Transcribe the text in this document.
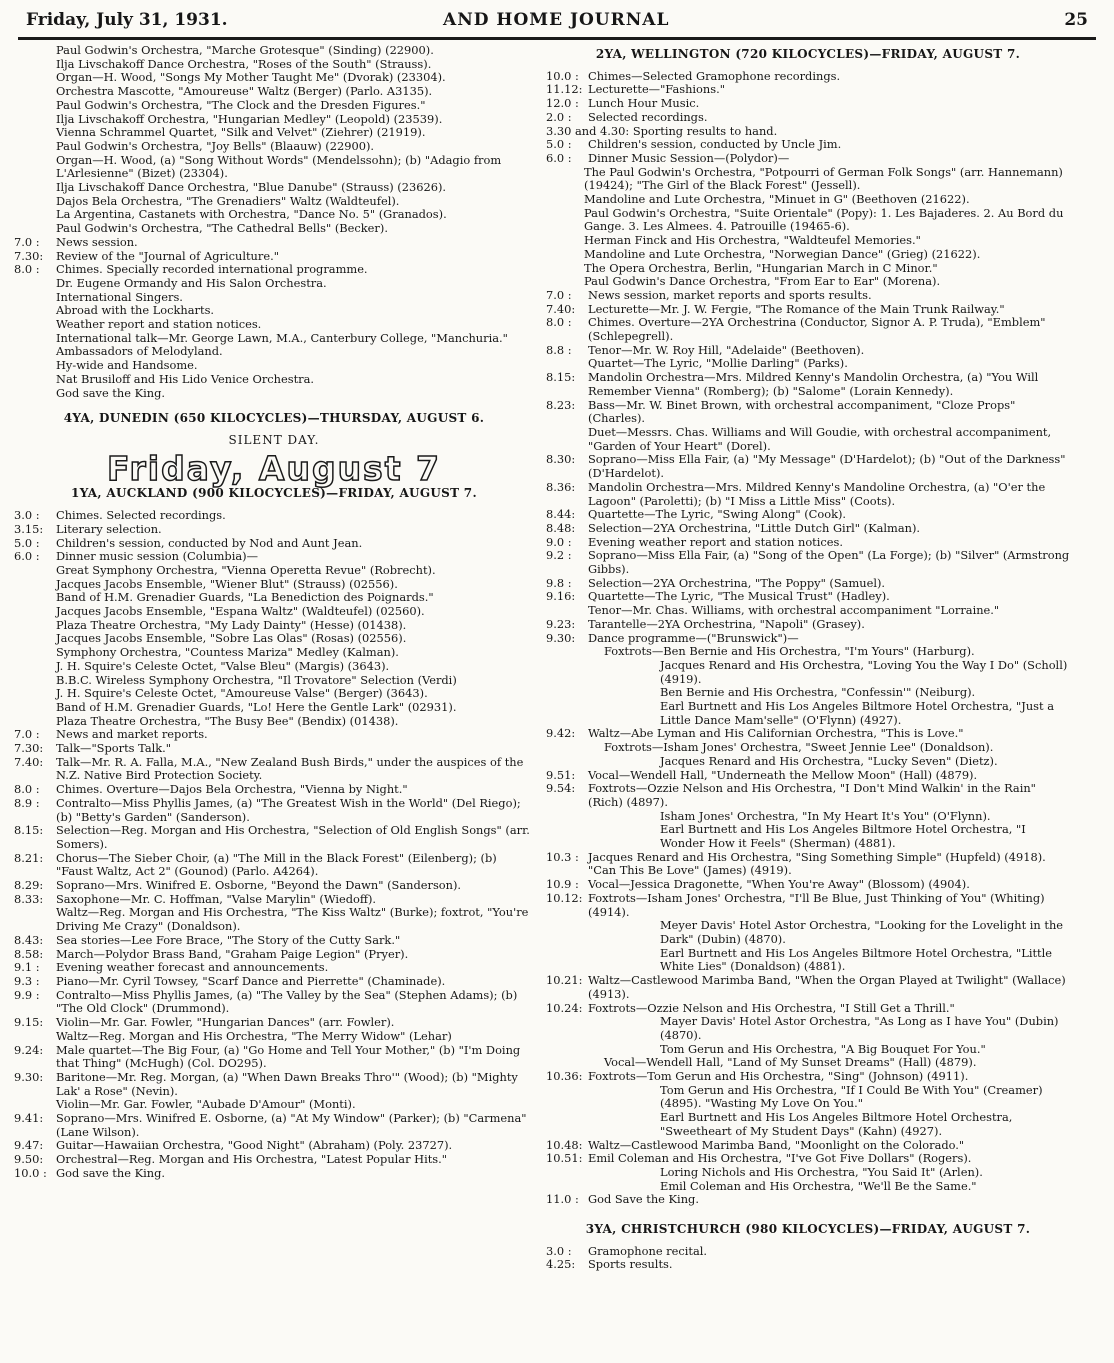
Friday, July 31, 1931.	AND HOME JOURNAL	25

Paul Godwin's Orchestra, "Marche Grotesque" (Sinding) (22900).

Ilja Livschakoff Dance Orchestra, "Roses of the South" (Strauss).

Organ—H. Wood, "Songs My Mother Taught Me" (Dvorak) (23304).

Orchestra Mascotte, "Amoureuse" Waltz (Berger) (Parlo. A3135).

Paul Godwin's Orchestra, "The Clock and the Dresden Figures."

Ilja Livschakoff Orchestra, "Hungarian Medley" (Leopold) (23539).

Vienna Schrammel Quartet, "Silk and Velvet" (Ziehrer) (21919).

Paul Godwin's Orchestra, "Joy Bells" (Blaauw) (22900).

Organ—H. Wood, (a) "Song Without Words" (Mendelssohn); (b) "Adagio from L'Arlesienne" (Bizet) (23304).

Ilja Livschakoff Dance Orchestra, "Blue Danube" (Strauss) (23626).

Dajos Bela Orchestra, "The Grenadiers" Waltz (Waldteufel).

La Argentina, Castanets with Orchestra, "Dance No. 5" (Granados).

Paul Godwin's Orchestra, "The Cathedral Bells" (Becker).

7.0 :	News session.

7.30:	Review of the "Journal of Agriculture."

8.0 :	Chimes. Specially recorded international programme.

Dr. Eugene Ormandy and His Salon Orchestra.

International Singers.

Abroad with the Lockharts.

Weather report and station notices.

International talk—Mr. George Lawn, M.A., Canterbury College, "Manchuria."

Ambassadors of Melodyland.

Hy-wide and Handsome.

Nat Brusiloff and His Lido Venice Orchestra.

God save the King.

4YA, DUNEDIN (650 KILOCYCLES)—THURSDAY, AUGUST 6.
SILENT DAY.
Friday, August 7
1YA, AUCKLAND (900 KILOCYCLES)—FRIDAY, AUGUST 7.

3.0 :	Chimes. Selected recordings.

3.15:	Literary selection.

5.0 :	Children's session, conducted by Nod and Aunt Jean.

6.0 :	Dinner music session (Columbia)—

Great Symphony Orchestra, "Vienna Operetta Revue" (Robrecht).

Jacques Jacobs Ensemble, "Wiener Blut" (Strauss) (02556).

Band of H.M. Grenadier Guards, "La Benediction des Poignards."

Jacques Jacobs Ensemble, "Espana Waltz" (Waldteufel) (02560).

Plaza Theatre Orchestra, "My Lady Dainty" (Hesse) (01438).

Jacques Jacobs Ensemble, "Sobre Las Olas" (Rosas) (02556).

Symphony Orchestra, "Countess Mariza" Medley (Kalman).

J. H. Squire's Celeste Octet, "Valse Bleu" (Margis) (3643).

B.B.C. Wireless Symphony Orchestra, "Il Trovatore" Selection (Verdi)

J. H. Squire's Celeste Octet, "Amoureuse Valse" (Berger) (3643).

Band of H.M. Grenadier Guards, "Lo! Here the Gentle Lark" (02931).

Plaza Theatre Orchestra, "The Busy Bee" (Bendix) (01438).

7.0 :	News and market reports.

7.30:	Talk—"Sports Talk."

7.40:	Talk—Mr. R. A. Falla, M.A., "New Zealand Bush Birds," under the auspices of the N.Z. Native Bird Protection Society.

8.0 :	Chimes. Overture—Dajos Bela Orchestra, "Vienna by Night."

8.9 :	Contralto—Miss Phyllis James, (a) "The Greatest Wish in the World" (Del Riego); (b) "Betty's Garden" (Sanderson).

8.15:	Selection—Reg. Morgan and His Orchestra, "Selection of Old English Songs" (arr. Somers).

8.21:	Chorus—The Sieber Choir, (a) "The Mill in the Black Forest" (Eilenberg); (b) "Faust Waltz, Act 2" (Gounod) (Parlo. A4264).

8.29:	Soprano—Mrs. Winifred E. Osborne, "Beyond the Dawn" (Sanderson).

8.33:	Saxophone—Mr. C. Hoffman, "Valse Marylin" (Wiedoff).

Waltz—Reg. Morgan and His Orchestra, "The Kiss Waltz" (Burke); foxtrot, "You're Driving Me Crazy" (Donaldson).

8.43:	Sea stories—Lee Fore Brace, "The Story of the Cutty Sark."

8.58:	March—Polydor Brass Band, "Graham Paige Legion" (Pryer).

9.1 :	Evening weather forecast and announcements.

9.3 :	Piano—Mr. Cyril Towsey, "Scarf Dance and Pierrette" (Chaminade).

9.9 :	Contralto—Miss Phyllis James, (a) "The Valley by the Sea" (Stephen Adams); (b) "The Old Clock" (Drummond).

9.15:	Violin—Mr. Gar. Fowler, "Hungarian Dances" (arr. Fowler).

Waltz—Reg. Morgan and His Orchestra, "The Merry Widow" (Lehar)

9.24:	Male quartet—The Big Four, (a) "Go Home and Tell Your Mother," (b) "I'm Doing that Thing" (McHugh) (Col. DO295).

9.30:	Baritone—Mr. Reg. Morgan, (a) "When Dawn Breaks Thro'" (Wood); (b) "Mighty Lak' a Rose" (Nevin).

Violin—Mr. Gar. Fowler, "Aubade D'Amour" (Monti).

9.41:	Soprano—Mrs. Winifred E. Osborne, (a) "At My Window" (Parker); (b) "Carmena" (Lane Wilson).

9.47:	Guitar—Hawaiian Orchestra, "Good Night" (Abraham) (Poly. 23727).

9.50:	Orchestral—Reg. Morgan and His Orchestra, "Latest Popular Hits."

10.0 : God save the King.

2YA, WELLINGTON (720 KILOCYCLES)—FRIDAY, AUGUST 7.

10.0 : Chimes—Selected Gramophone recordings.

11.12: Lecturette—"Fashions."

12.0 : Lunch Hour Music.

2.0 :	Selected recordings.

3.30 and 4.30: Sporting results to hand.

5.0 :	Children's session, conducted by Uncle Jim.

6.0 :	Dinner Music Session—(Polydor)—

The Paul Godwin's Orchestra, "Potpourri of German Folk Songs" (arr. Hannemann) (19424); "The Girl of the Black Forest" (Jessell).

Mandoline and Lute Orchestra, "Minuet in G" (Beethoven (21622).

Paul Godwin's Orchestra, "Suite Orientale" (Popy): 1. Les Bajaderes. 2. Au Bord du Gange. 3. Les Almees. 4. Patrouille (19465-6).

Herman Finck and His Orchestra, "Waldteufel Memories."

Mandoline and Lute Orchestra, "Norwegian Dance" (Grieg) (21622).

The Opera Orchestra, Berlin, "Hungarian March in C Minor."

Paul Godwin's Dance Orchestra, "From Ear to Ear" (Morena).

7.0 :	News session, market reports and sports results.

7.40:	Lecturette—Mr. J. W. Fergie, "The Romance of the Main Trunk Railway."

8.0 :	Chimes. Overture—2YA Orchestrina (Conductor, Signor A. P. Truda), "Emblem" (Schlepegrell).

8.8 :	Tenor—Mr. W. Roy Hill, "Adelaide" (Beethoven).

Quartet—The Lyric, "Mollie Darling" (Parks).

8.15:	Mandolin Orchestra—Mrs. Mildred Kenny's Mandolin Orchestra, (a) "You Will Remember Vienna" (Romberg); (b) "Salome" (Lorain Kennedy).

8.23:	Bass—Mr. W. Binet Brown, with orchestral accompaniment, "Cloze Props" (Charles).

Duet—Messrs. Chas. Williams and Will Goudie, with orchestral accompaniment, "Garden of Your Heart" (Dorel).

8.30:	Soprano—Miss Ella Fair, (a) "My Message" (D'Hardelot); (b) "Out of the Darkness" (D'Hardelot).

8.36:	Mandolin Orchestra—Mrs. Mildred Kenny's Mandoline Orchestra, (a) "O'er the Lagoon" (Paroletti); (b) "I Miss a Little Miss" (Coots).

8.44:	Quartette—The Lyric, "Swing Along" (Cook).

8.48:	Selection—2YA Orchestrina, "Little Dutch Girl" (Kalman).

9.0 :	Evening weather report and station notices.

9.2 :	Soprano—Miss Ella Fair, (a) "Song of the Open" (La Forge); (b) "Silver" (Armstrong Gibbs).

9.8 :	Selection—2YA Orchestrina, "The Poppy" (Samuel).

9.16:	Quartette—The Lyric, "The Musical Trust" (Hadley).

Tenor—Mr. Chas. Williams, with orchestral accompaniment "Lorraine."

9.23:	Tarantelle—2YA Orchestrina, "Napoli" (Grasey).

9.30:	Dance programme—("Brunswick")—

Foxtrots—Ben Bernie and His Orchestra, "I'm Yours" (Harburg).

Jacques Renard and His Orchestra, "Loving You the Way I Do" (Scholl) (4919).

Ben Bernie and His Orchestra, "Confessin'" (Neiburg).

Earl Burtnett and His Los Angeles Biltmore Hotel Orchestra, "Just a Little Dance Mam'selle" (O'Flynn) (4927).

9.42:	Waltz—Abe Lyman and His Californian Orchestra, "This is Love."

Foxtrots—Isham Jones' Orchestra, "Sweet Jennie Lee" (Donaldson).

Jacques Renard and His Orchestra, "Lucky Seven" (Dietz).

9.51:	Vocal—Wendell Hall, "Underneath the Mellow Moon" (Hall) (4879).

9.54:	Foxtrots—Ozzie Nelson and His Orchestra, "I Don't Mind Walkin' in the Rain" (Rich) (4897).

Isham Jones' Orchestra, "In My Heart It's You" (O'Flynn).

Earl Burtnett and His Los Angeles Biltmore Hotel Orchestra, "I Wonder How it Feels" (Sherman) (4881).

10.3 : Jacques Renard and His Orchestra, "Sing Something Simple" (Hupfeld) (4918). "Can This Be Love" (James) (4919).

10.9 : Vocal—Jessica Dragonette, "When You're Away" (Blossom) (4904).

10.12: Foxtrots—Isham Jones' Orchestra, "I'll Be Blue, Just Thinking of You" (Whiting) (4914).

Meyer Davis' Hotel Astor Orchestra, "Looking for the Lovelight in the Dark" (Dubin) (4870).

Earl Burtnett and His Los Angeles Biltmore Hotel Orchestra, "Little White Lies" (Donaldson) (4881).

10.21: Waltz—Castlewood Marimba Band, "When the Organ Played at Twilight" (Wallace) (4913).

10.24: Foxtrots—Ozzie Nelson and His Orchestra, "I Still Get a Thrill."

Mayer Davis' Hotel Astor Orchestra, "As Long as I have You" (Dubin) (4870).

Tom Gerun and His Orchestra, "A Big Bouquet For You."

Vocal—Wendell Hall, "Land of My Sunset Dreams" (Hall) (4879).

10.36: Foxtrots—Tom Gerun and His Orchestra, "Sing" (Johnson) (4911).

Tom Gerun and His Orchestra, "If I Could Be With You" (Creamer) (4895). "Wasting My Love On You."

Earl Burtnett and His Los Angeles Biltmore Hotel Orchestra, "Sweetheart of My Student Days" (Kahn) (4927).

10.48: Waltz—Castlewood Marimba Band, "Moonlight on the Colorado."

10.51: Emil Coleman and His Orchestra, "I've Got Five Dollars" (Rogers).

Loring Nichols and His Orchestra, "You Said It" (Arlen).

Emil Coleman and His Orchestra, "We'll Be the Same."

11.0 : God Save the King.

3YA, CHRISTCHURCH (980 KILOCYCLES)—FRIDAY, AUGUST 7.

3.0 :	Gramophone recital.

4.25:	Sports results.
